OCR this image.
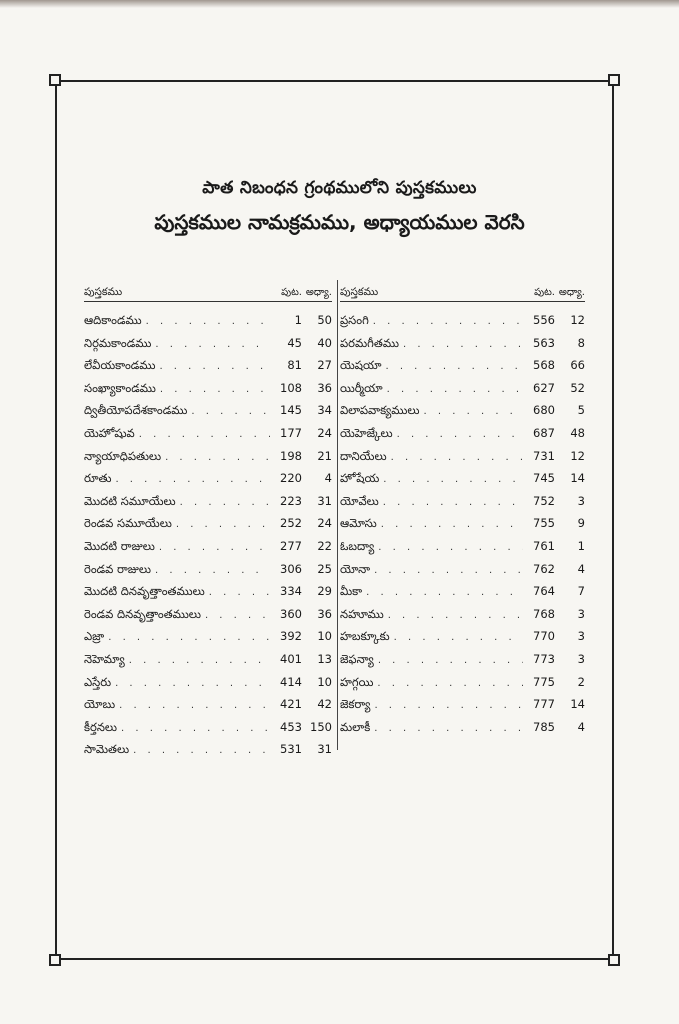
పాత నిబంధన గ్రంథములోని పుస్తకములు
పుస్తకముల నామక్రమము, అధ్యాయముల వెరసి
పుస్తకము	పుట. అధ్యా.
ఆదికాండము . . .	1	50
నిర్గమకాండము . . .	45	40
లేవీయకాండము . . .	81	27
సంఖ్యాకాండము . . .	108	36
ద్వితీయోపదేశకాండము . . .	145	34
యెహోషువ . . .	177	24
న్యాయాధిపతులు . . .	198	21
రూతు . . .	220	4
మొదటి సమూయేలు . . .	223	31
రెండవ సమూయేలు . . .	252	24
మొదటి రాజులు . . .	277	22
రెండవ రాజులు . . .	306	25
మొదటి దినవృత్తాంతములు . . .	334	29
రెండవ దినవృత్తాంతములు . . .	360	36
ఎజ్రా . . .	392	10
నెహెమ్యా . . .	401	13
ఎస్తేరు . . .	414	10
యోబు . . .	421	42
కీర్తనలు . . .	453 150
సామెతలు . . .	531	31
పుస్తకము	పుట. అధ్యా.
ప్రసంగి . . .	556	12
పరమగీతము . . .	563	8
యెషయా . . .	568	66
యిర్మీయా . . .	627	52
విలాపవాక్యములు . . .	680	5
యెహెజ్కేలు . . .	687	48
దానియేలు . . .	731	12
హోషేయ . . .	745	14
యోవేలు . . .	752	3
ఆమోసు . . .	755	9
ఓబద్యా . . .	761	1
యోనా . . .	762	4
మీకా . . .	764	7
నహూము . . .	768	3
హబక్కూకు . . .	770	3
జెఫన్యా . . .	773	3
హగ్గయి . . .	775	2
జెకర్యా . . .	777	14
మలాకీ . . .	785	4
